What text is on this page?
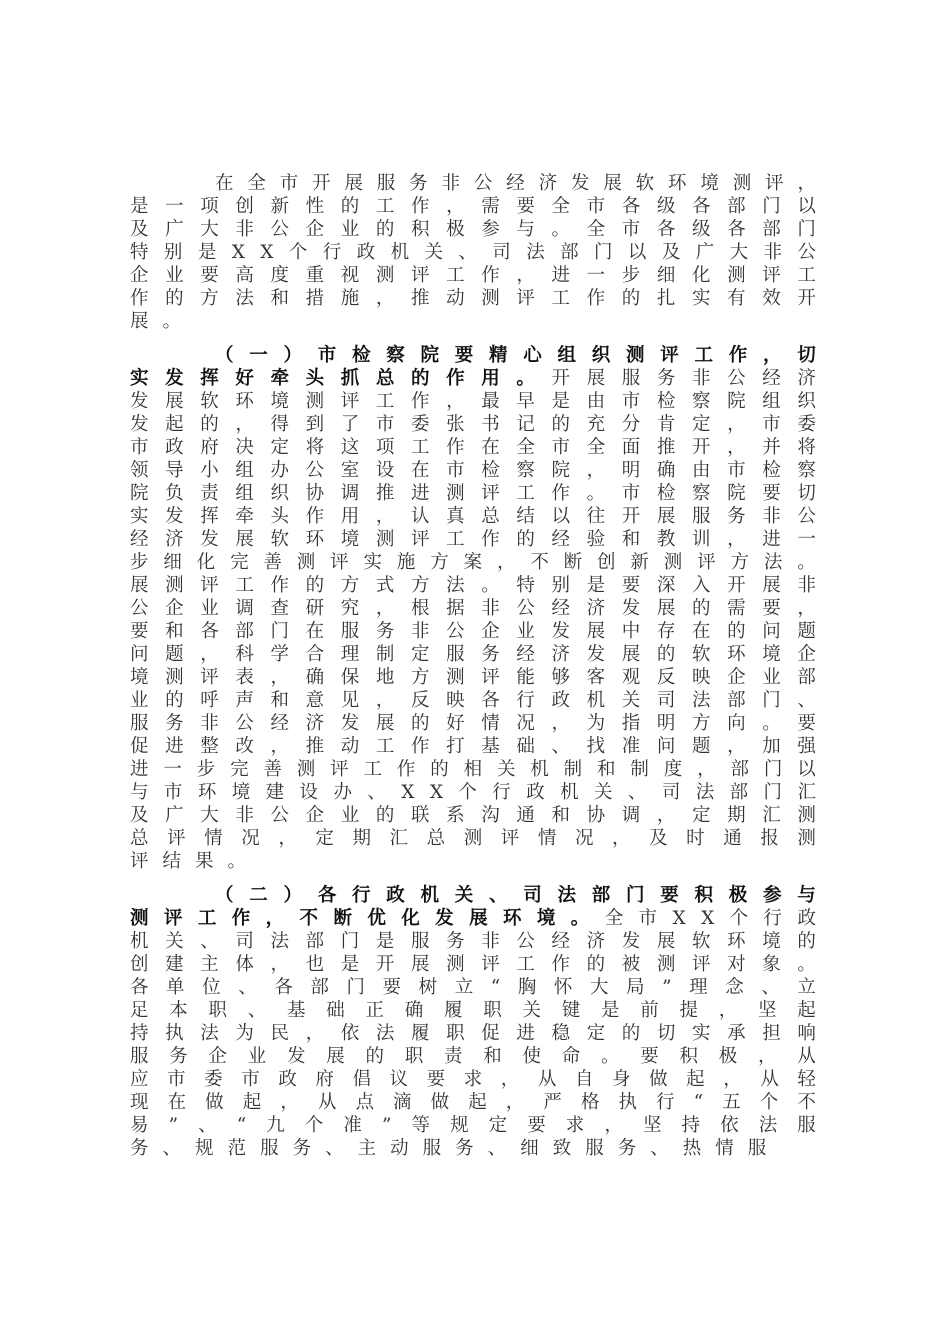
在 全 市 开 展 服 务 非 公 经 济 发 展 软 环 境 测 评 ，
是 一 项 创 新 性 的 工 作 ， 需 要 全 市 各 级 各 部 门 以
及 广 大 非 公 企 业 的 积 极 参 与 。 全 市 各 级 各 部 门
特 别 是 X X 个 行 政 机 关 、 司 法 部 门 以 及 广 大 非 公
企 业 要 高 度 重 视 测 评 工 作 ， 进 一 步 细 化 测 评 工
作 的 方 法 和 措 施 ， 推 动 测 评 工 作 的 扎 实 有 效 开
展 。
（ 一 ） 市 检 察 院 要 精 心 组 织 测 评 工 作 ， 切
实 发 挥 好 牵 头 抓 总 的 作 用 。 开 展 服 务 非 公 经 济
发 展 软 环 境 测 评 工 作 ， 最 早 是 由 市 检 察 院 组 织
发 起 的 ， 得 到 了 市 委 张 书 记 的 充 分 肯 定 ， 市 委
市 政 府 决 定 将 这 项 工 作 在 全 市 全 面 推 开 ， 并 将
领 导 小 组 办 公 室 设 在 市 检 察 院 ， 明 确 由 市 检 察
院 负 责 组 织 协 调 推 进 测 评 工 作 。 市 检 察 院 要 切
实 发 挥 牵 头 作 用 ， 认 真 总 结 以 往 开 展 服 务 非 公
经 济 发 展 软 环 境 测 评 工 作 的 经 验 和 教 训 ， 进 一
步 细 化 完 善 测 评 实 施 方 案 ， 不 断 创 新 测 评 方 法 。
展 测 评 工 作 的 方 式 方 法 。 特 别 是 要 深 入 开 展 非
公 企 业 调 查 研 究 ， 根 据 非 公 经 济 发 展 的 需 要 ，
要 和 各 部 门 在 服 务 非 公 企 业 发 展 中 存 在 的 问 题
问 题 ， 科 学 合 理 制 定 服 务 经 济 发 展 的 软 环 境 企
境 测 评 表 ， 确 保 地 方 测 评 能 够 客 观 反 映 企 业 部
业 的 呼 声 和 意 见 ， 反 映 各 行 政 机 关 司 法 部 门 、
服 务 非 公 经 济 发 展 的 好 情 况 ， 为 指 明 方 向 。 要
促 进 整 改 ， 推 动 工 作 打 基 础 、 找 准 问 题 ， 加 强
进 一 步 完 善 测 评 工 作 的 相 关 机 制 和 制 度 ， 部 门 以
与 市 环 境 建 设 办 、 X X 个 行 政 机 关 、 司 法 部 门 汇
及 广 大 非 公 企 业 的 联 系 沟 通 和 协 调 ， 定 期 汇 测
总 评 情 况 ， 定 期 汇 总 测 评 情 况 ， 及 时 通 报 测
评 结 果 。
（ 二 ） 各 行 政 机 关 、 司 法 部 门 要 积 极 参 与
测 评 工 作 ， 不 断 优 化 发 展 环 境 。 全 市 X X 个 行 政
机 关 、 司 法 部 门 是 服 务 非 公 经 济 发 展 软 环 境 的
创 建 主 体 ， 也 是 开 展 测 评 工 作 的 被 测 评 对 象 。
各 单 位 、 各 部 门 要 树 立 “ 胸 怀 大 局 ” 理 念 、 立
足 本 职 、 基 础 正 确 履 职 关 键 是 前 提 ， 坚 起
持 执 法 为 民 ， 依 法 履 职 促 进 稳 定 的 切 实 承 担 响
服 务 企 业 发 展 的 职 责 和 使 命 。 要 积 极 ， 从
应 市 委 市 政 府 倡 议 要 求 ， 从 自 身 做 起 ， 从 轻
现 在 做 起 ， 从 点 滴 做 起 ， 严 格 执 行 “ 五 个 不
易 ” 、 “ 九 个 准 ” 等 规 定 要 求 ， 坚 持 依 法 服
务 、 规 范 服 务 、 主 动 服 务 、 细 致 服 务 、 热 情 服
